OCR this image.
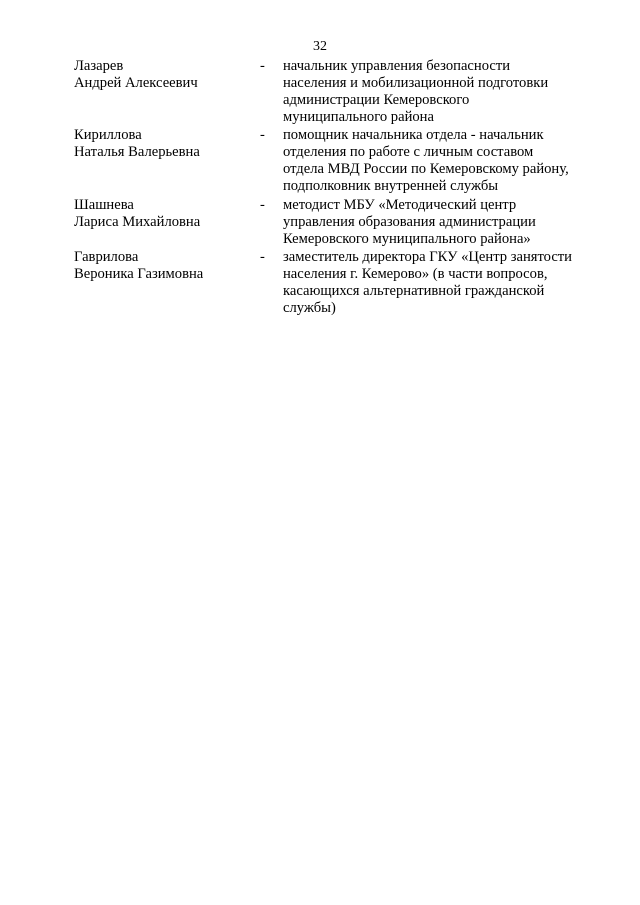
32
Лазарев
Андрей Алексеевич
- начальник управления безопасности
населения и мобилизационной подготовки
администрации Кемеровского
муниципального района
Кириллова
Наталья Валерьевна
- помощник начальника отдела - начальник
отделения по работе с личным составом
отдела МВД России по Кемеровскому району,
подполковник внутренней службы
Шашнева
Лариса Михайловна
- методист МБУ «Методический центр
управления образования администрации
Кемеровского муниципального района»
Гаврилова
Вероника Газимовна
- заместитель директора ГКУ «Центр занятости
населения г. Кемерово» (в части вопросов,
касающихся альтернативной гражданской
службы)
